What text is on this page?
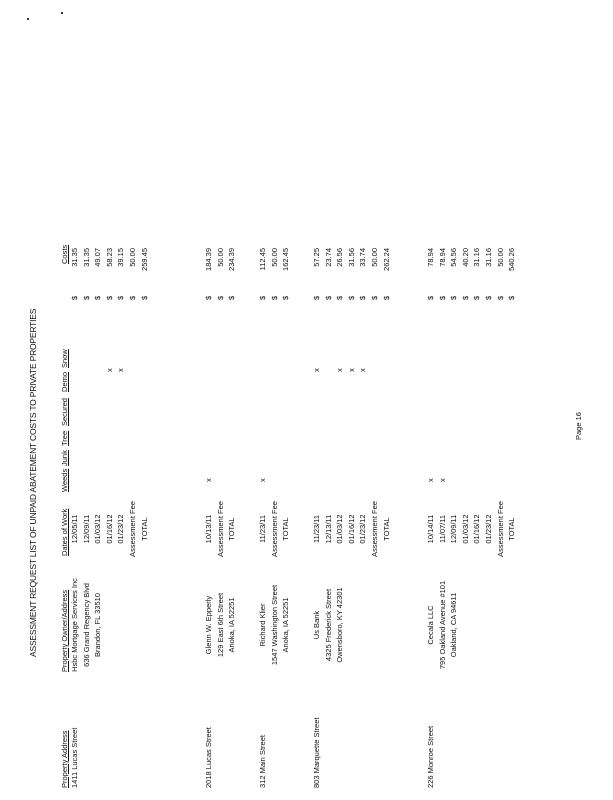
ASSESSMENT REQUEST LIST OF UNPAID ABATEMENT COSTS TO PRIVATE PROPERTIES
Property Address
Property Owner/Address
Dates of Work
Weeds
Junk
Tree
Secured
Demo
Snow
Costs
1411 Lucas Street
Hsbc Mortgage Services Inc
12/05/11
$
31.35
636 Grand Regency Blvd
12/09/11
$
31.35
Brandon, FL 33510
01/03/12
$
49.07
01/16/12
x
$
58.23
01/23/12
x
$
39.15
Assessment Fee
$
50.00
TOTAL
$
259.45
2018 Lucas Street
Glenn W. Epperly
10/13/11
x
$
184.39
129 East 6th Street
Assessment Fee
$
50.00
Anoka, IA 52251
TOTAL
$
234.39
312 Main Street
Richard Klier
11/23/11
x
$
112.45
1547 Washington Street
Assessment Fee
$
50.00
Anoka, IA 52251
TOTAL
$
162.45
803 Marquette Street
Us Bank
11/23/11
x
$
57.25
4325 Frederick Street
12/13/11
$
23.74
Owensboro, KY 42301
01/03/12
x
$
26.56
01/16/12
x
$
31.56
01/23/12
x
$
33.74
Assessment Fee
$
50.00
TOTAL
$
262.24
226 Monroe Street
Cecala LLC
10/14/11
x
$
78.94
795 Oakland Avenue #101
11/07/11
x
$
78.94
Oakland, CA 94611
12/09/11
$
54.56
01/03/12
$
40.20
01/16/12
$
31.16
01/23/12
$
31.16
Assessment Fee
$
50.00
TOTAL
$
540.26
Page 16
